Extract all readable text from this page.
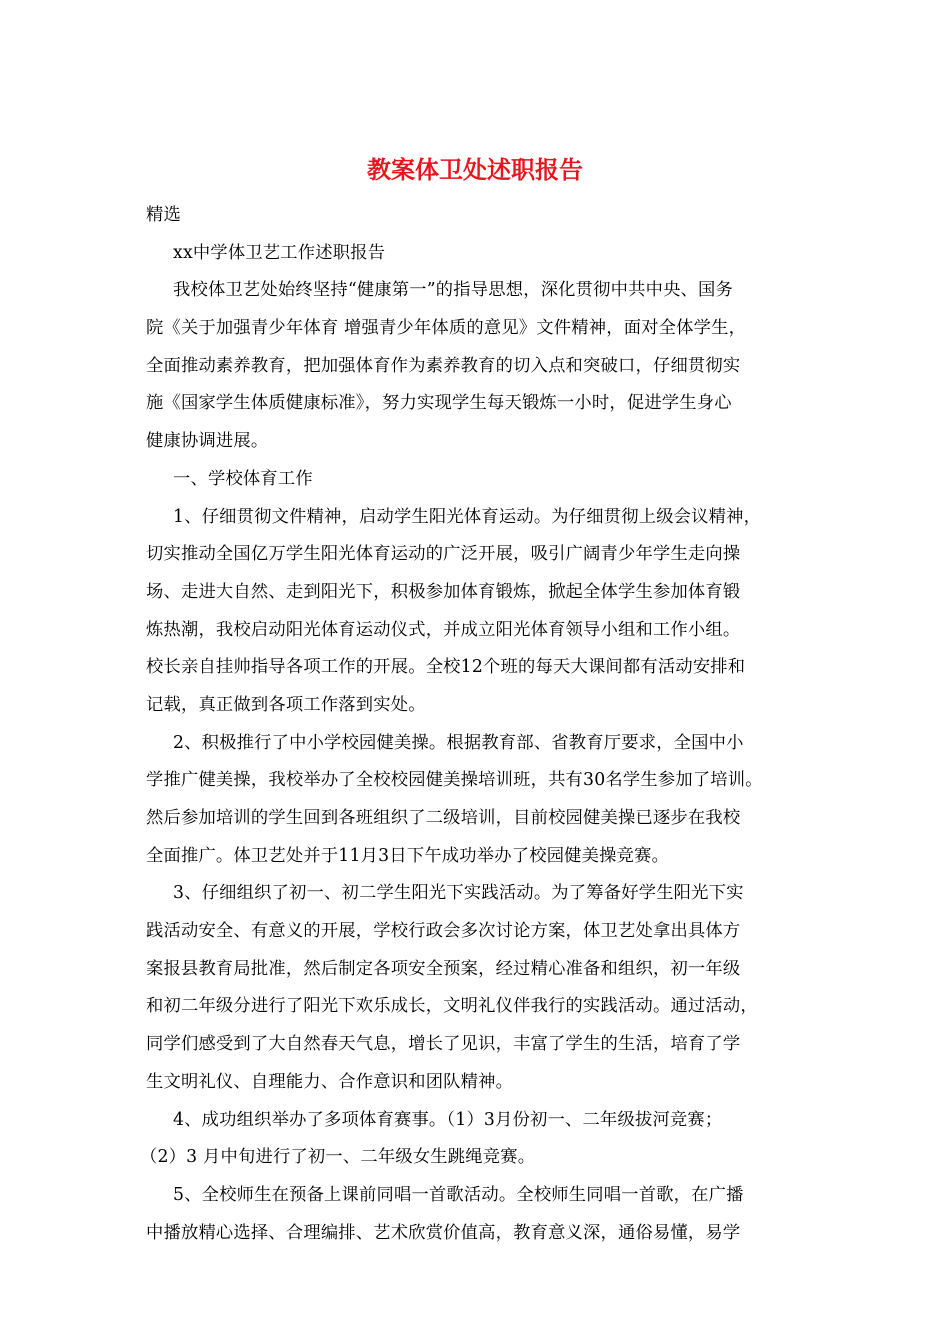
教案体卫处述职报告
精选
xx中学体卫艺工作述职报告
我校体卫艺处始终坚持“健康第一”的指导思想，深化贯彻中共中央、国务
院《关于加强青少年体育 增强青少年体质的意见》文件精神，面对全体学生，
全面推动素养教育，把加强体育作为素养教育的切入点和突破口，仔细贯彻实
施《国家学生体质健康标准》，努力实现学生每天锻炼一小时，促进学生身心
健康协调进展。
一、学校体育工作
1、仔细贯彻文件精神，启动学生阳光体育运动。为仔细贯彻上级会议精神，
切实推动全国亿万学生阳光体育运动的广泛开展，吸引广阔青少年学生走向操
场、走进大自然、走到阳光下，积极参加体育锻炼，掀起全体学生参加体育锻
炼热潮，我校启动阳光体育运动仪式，并成立阳光体育领导小组和工作小组。
校长亲自挂帅指导各项工作的开展。全校12个班的每天大课间都有活动安排和
记载，真正做到各项工作落到实处。
2、积极推行了中小学校园健美操。根据教育部、省教育厅要求，全国中小
学推广健美操，我校举办了全校校园健美操培训班，共有30名学生参加了培训。
然后参加培训的学生回到各班组织了二级培训，目前校园健美操已逐步在我校
全面推广。体卫艺处并于11月3日下午成功举办了校园健美操竞赛。
3、仔细组织了初一、初二学生阳光下实践活动。为了筹备好学生阳光下实
践活动安全、有意义的开展，学校行政会多次讨论方案，体卫艺处拿出具体方
案报县教育局批准，然后制定各项安全预案，经过精心准备和组织，初一年级
和初二年级分进行了阳光下欢乐成长，文明礼仪伴我行的实践活动。通过活动，
同学们感受到了大自然春天气息，增长了见识，丰富了学生的生活，培育了学
生文明礼仪、自理能力、合作意识和团队精神。
4、成功组织举办了多项体育赛事。（1）3月份初一、二年级拔河竞赛；
（2）3 月中旬进行了初一、二年级女生跳绳竞赛。
5、全校师生在预备上课前同唱一首歌活动。全校师生同唱一首歌，在广播
中播放精心选择、合理编排、艺术欣赏价值高，教育意义深，通俗易懂，易学
